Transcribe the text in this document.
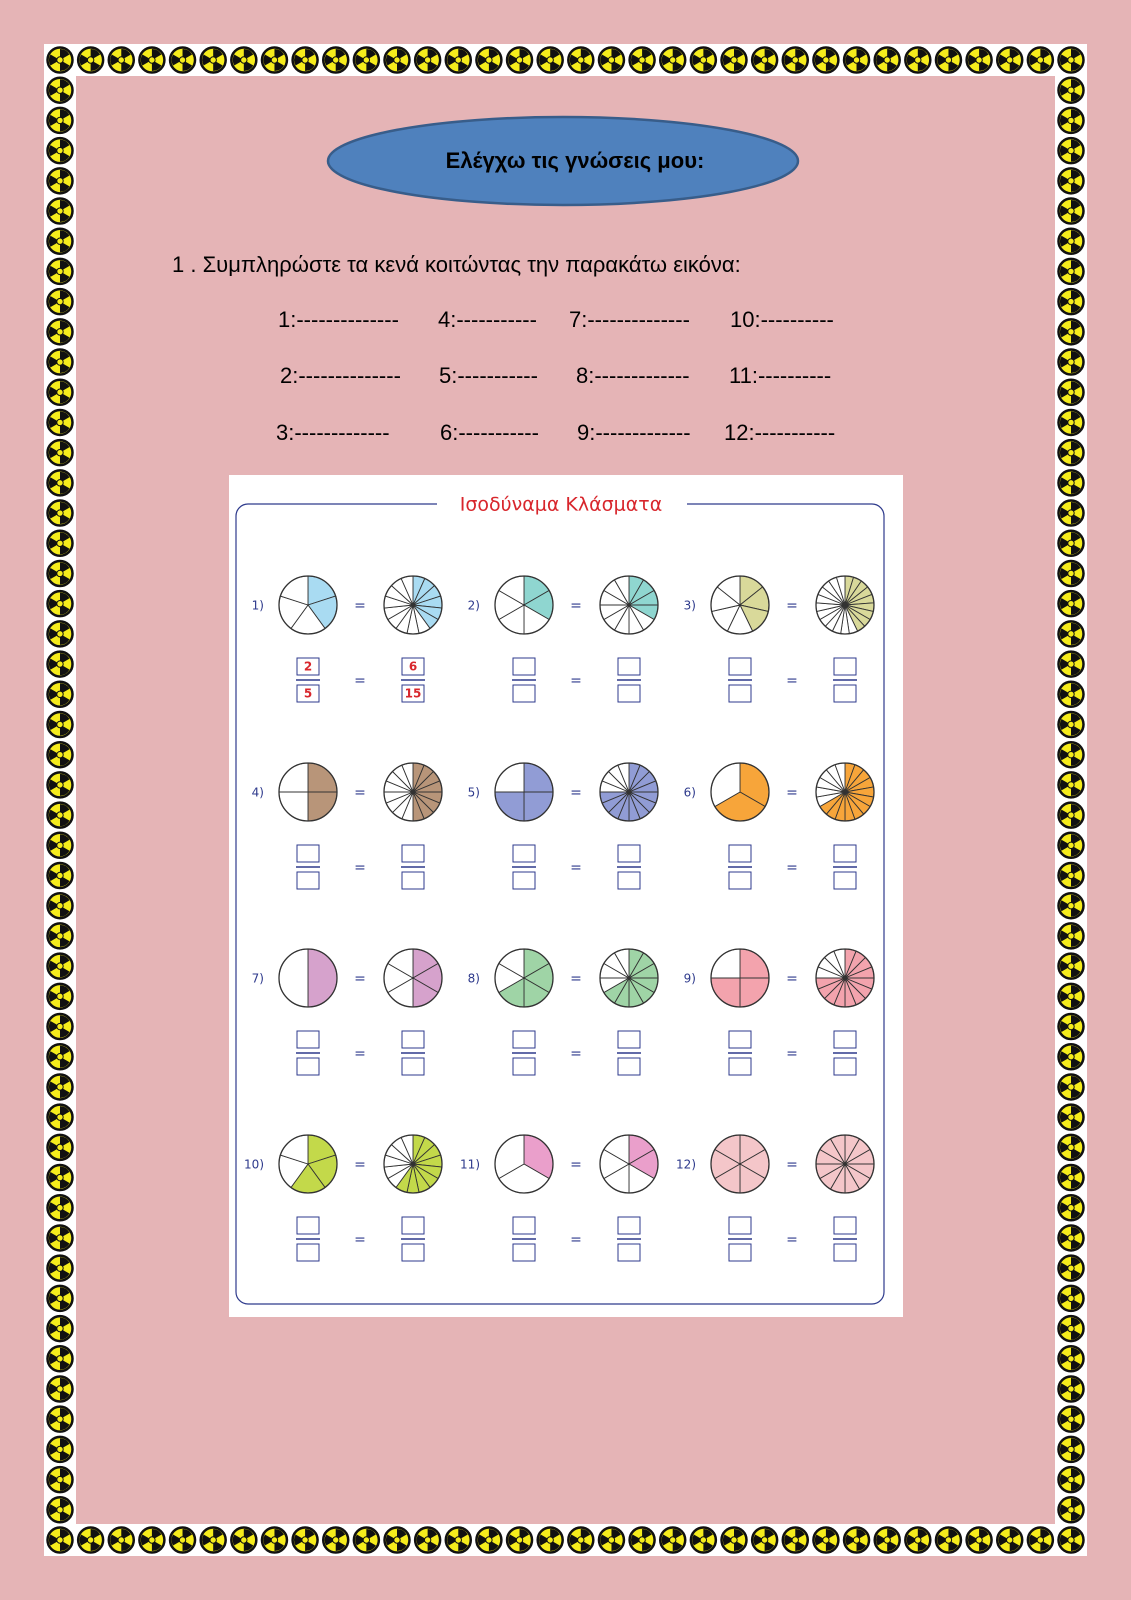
Ελέγχω τις γνώσεις μου:
1 . Συμπληρώστε τα κενά κοιτώντας την παρακάτω εικόνα:
1:-------------- 4:----------- 7:-------------- 10:----------
2:-------------- 5:----------- 8:------------- 11:----------
3:------------- 6:----------- 9:------------- 12:-----------
Ισοδύναμα Κλάσματα
1)	=
2
5
=
6
15
2)	=
=
3)	=
=
4)	=
=
5)	=
=
6)	=
=
7)	=
=
8)	=
=
9)	=
=
10)	=
=
11)	=
=
12)	=
=
